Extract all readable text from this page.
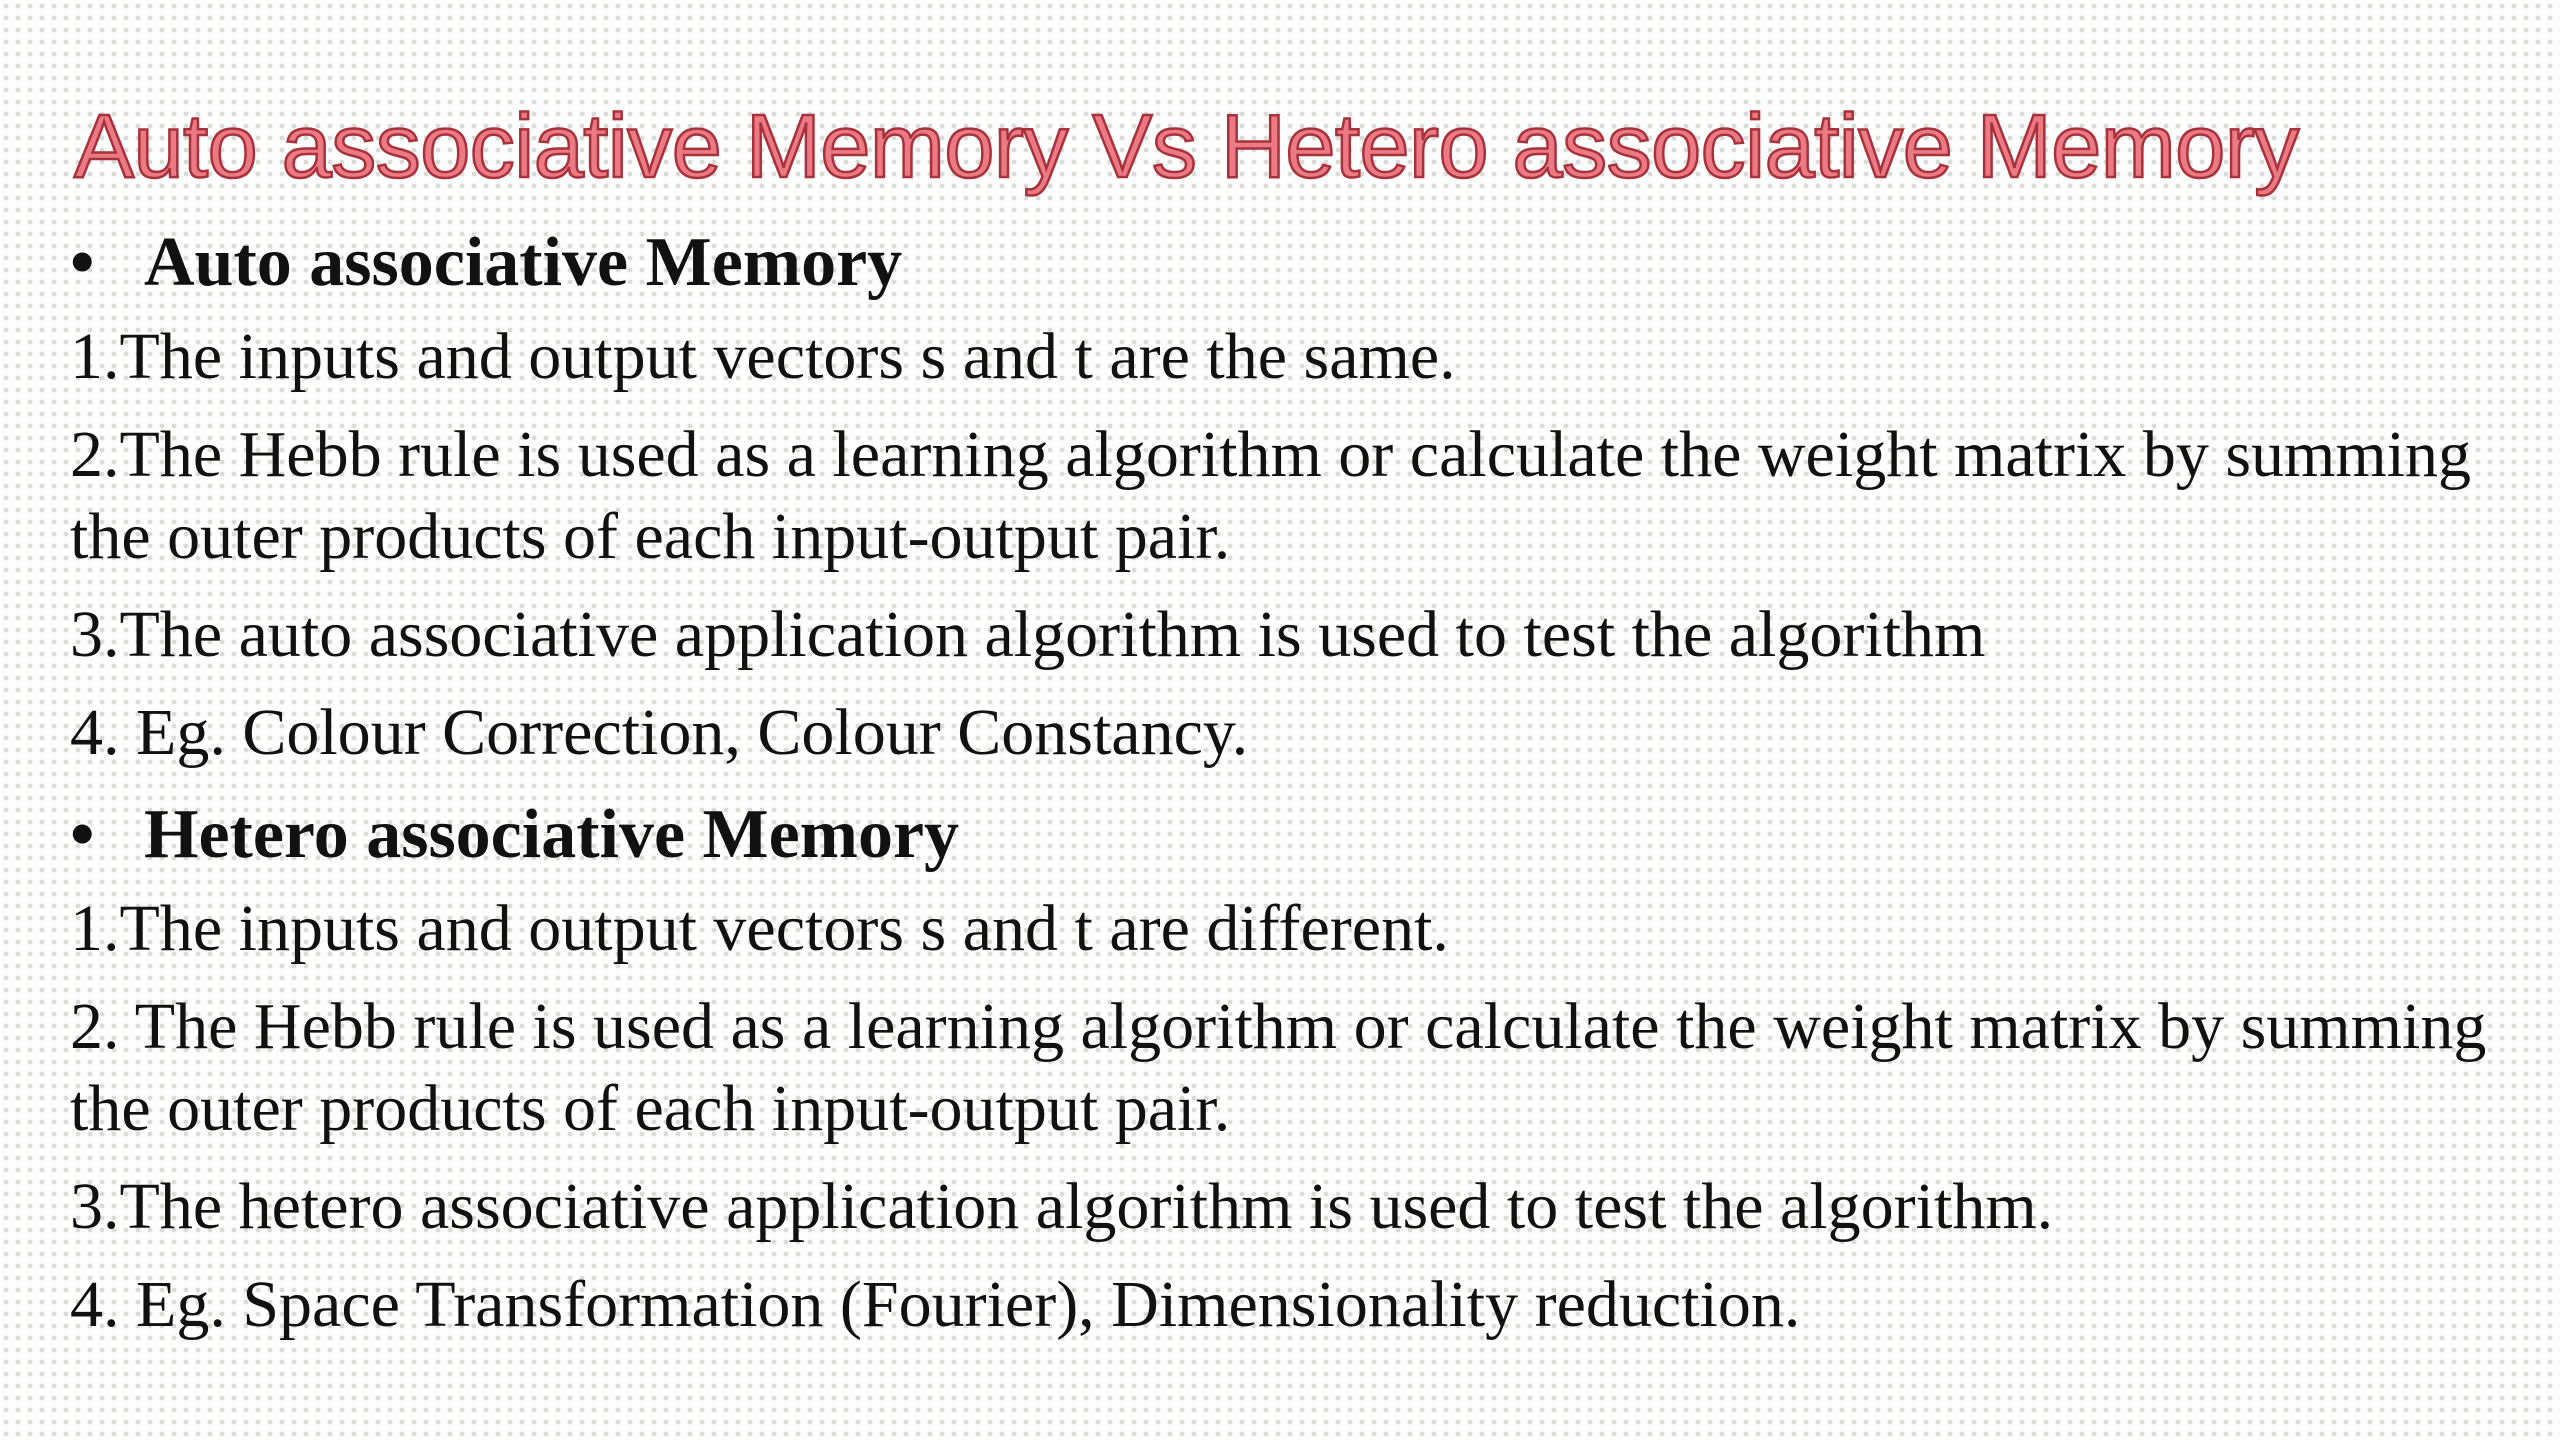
Auto associative Memory Vs Hetero associative Memory
• Auto associative Memory

1.The inputs and output vectors s and t are the same.

2.The Hebb rule is used as a learning algorithm or calculate the weight matrix by summing the outer products of each input-output pair.

3.The auto associative application algorithm is used to test the algorithm

4. Eg. Colour Correction, Colour Constancy.

• Hetero associative Memory

1.The inputs and output vectors s and t are different.

2. The Hebb rule is used as a learning algorithm or calculate the weight matrix by summing the outer products of each input-output pair.

3.The hetero associative application algorithm is used to test the algorithm.

4. Eg. Space Transformation (Fourier), Dimensionality reduction.
